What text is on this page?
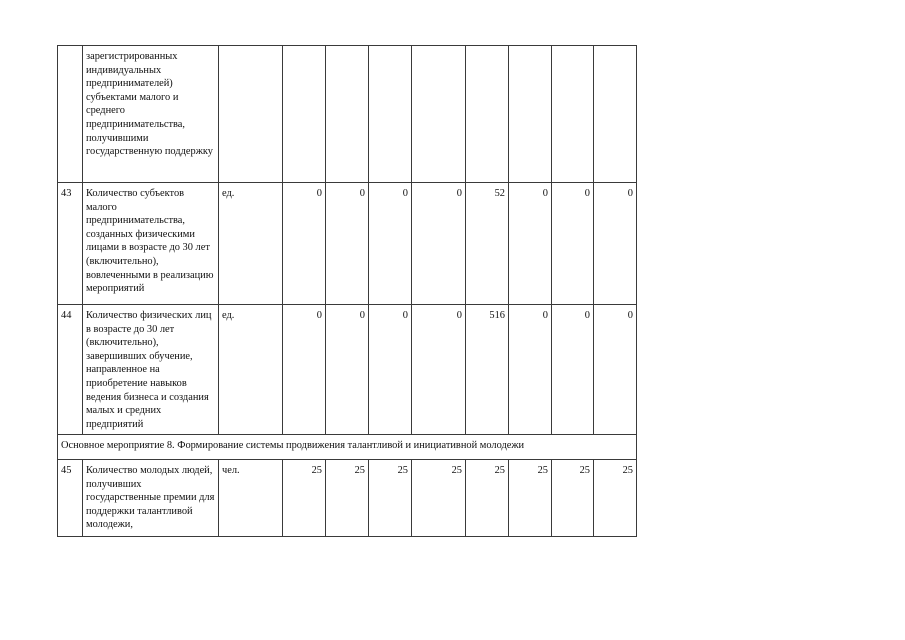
	зарегистрированных индивидуальных предпринимателей) субъектами малого и среднего предпринимательства, получившими государственную поддержку									
43	Количество субъектов малого предпринимательства, созданных физическими лицами в возрасте до 30 лет (включительно), вовлеченными в реализацию мероприятий	ед.	0	0	0	0	52	0	0	0
44	Количество физических лиц в возрасте до 30 лет (включительно), завершивших обучение, направленное на приобретение навыков ведения бизнеса и создания малых и средних предприятий	ед.	0	0	0	0	516	0	0	0
Основное мероприятие 8. Формирование системы продвижения талантливой и инициативной молодежи										
45	Количество молодых людей, получивших государственные премии для поддержки талантливой молодежи,	чел.	25	25	25	25	25	25	25	25
